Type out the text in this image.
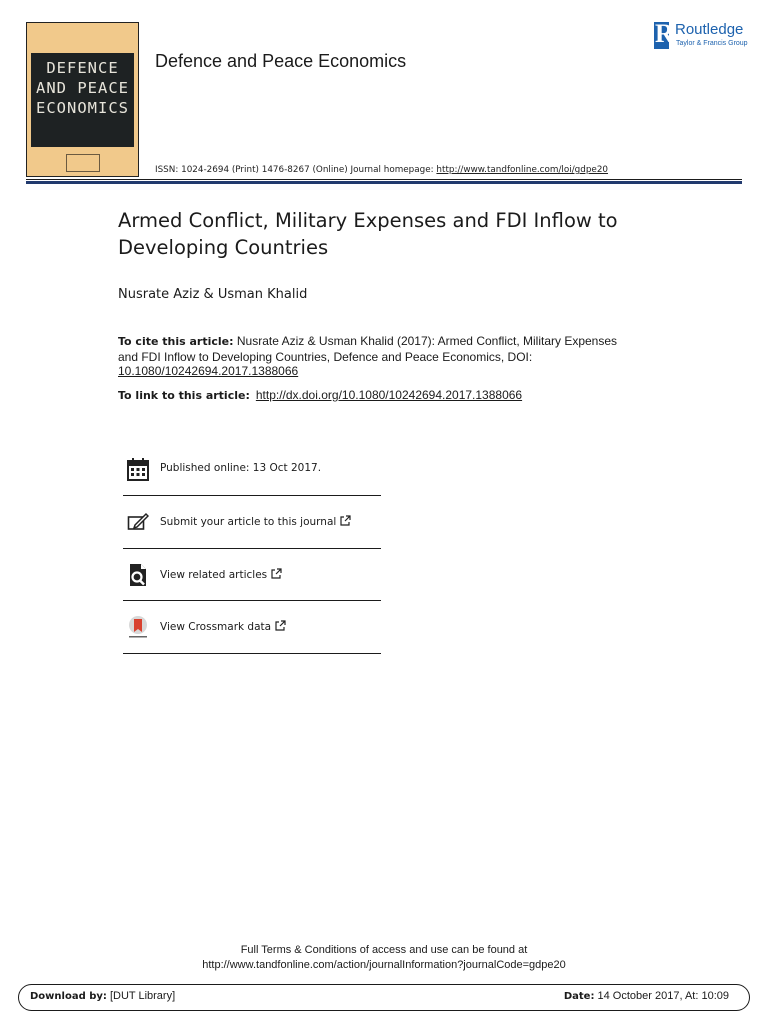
DEFENCE
AND PEACE
ECONOMICS
Defence and Peace Economics
ISSN: 1024-2694 (Print) 1476-8267 (Online) Journal homepage: http://www.tandfonline.com/loi/gdpe20
R
Routledge
Taylor & Francis Group
Armed Conflict, Military Expenses and FDI Inflow to Developing Countries
Nusrate Aziz & Usman Khalid
To cite this article: Nusrate Aziz & Usman Khalid (2017): Armed Conflict, Military Expenses and FDI Inflow to Developing Countries, Defence and Peace Economics, DOI: 10.1080/10242694.2017.1388066
To link to this article: http://dx.doi.org/10.1080/10242694.2017.1388066
Published online: 13 Oct 2017.
Submit your article to this journal
View related articles
View Crossmark data
Full Terms & Conditions of access and use can be found at
http://www.tandfonline.com/action/journalInformation?journalCode=gdpe20
Download by: [DUT Library]	Date: 14 October 2017, At: 10:09
